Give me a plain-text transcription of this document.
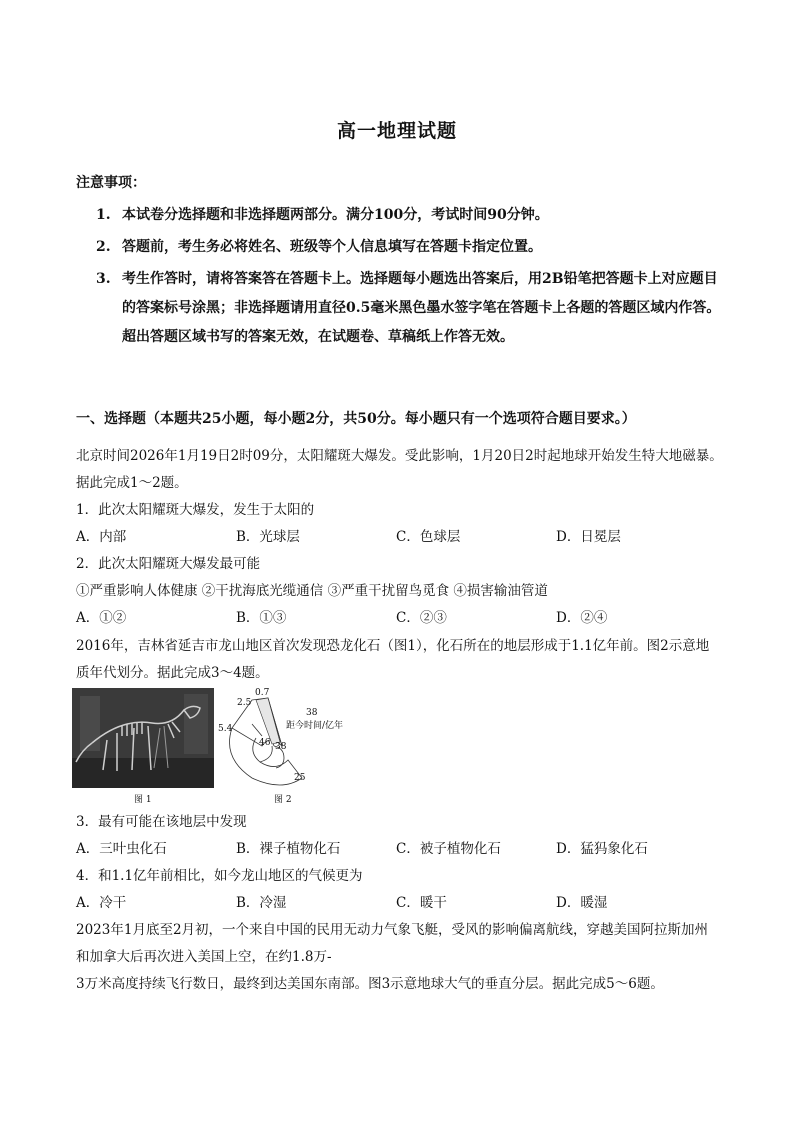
高一地理试题
注意事项：
1. 本试卷分选择题和非选择题两部分。满分100分，考试时间90分钟。
2. 答题前，考生务必将姓名、班级等个人信息填写在答题卡指定位置。
3. 考生作答时，请将答案答在答题卡上。选择题每小题选出答案后，用2B铅笔把答题卡上对应题目的答案标号涂黑；非选择题请用直径0.5毫米黑色墨水签字笔在答题卡上各题的答题区域内作答。超出答题区域书写的答案无效，在试题卷、草稿纸上作答无效。
一、选择题（本题共25小题，每小题2分，共50分。每小题只有一个选项符合题目要求。）
北京时间2026年1月19日2时09分，太阳耀斑大爆发。受此影响，1月20日2时起地球开始发生特大地磁暴。
据此完成1～2题。
1．此次太阳耀斑大爆发，发生于太阳的
A．内部	B．光球层	C．色球层	D．日冕层
2．此次太阳耀斑大爆发最可能
①严重影响人体健康 ②干扰海底光缆通信 ③严重干扰留鸟觅食 ④损害输油管道
A．①②	B．①③	C．②③	D．②④
2016年，吉林省延吉市龙山地区首次发现恐龙化石（图1），化石所在的地层形成于1.1亿年前。图2示意地
质年代划分。据此完成3～4题。
图 1
0.7
2.5
5.4
46 38
25
38
距今时间/亿年
图 2
3．最有可能在该地层中发现
A．三叶虫化石	B．裸子植物化石	C．被子植物化石	D．猛犸象化石
4．和1.1亿年前相比，如今龙山地区的气候更为
A．冷干	B．冷湿	C．暖干	D．暖湿
2023年1月底至2月初，一个来自中国的民用无动力气象飞艇，受风的影响偏离航线，穿越美国阿拉斯加州
和加拿大后再次进入美国上空，在约1.8万-
3万米高度持续飞行数日，最终到达美国东南部。图3示意地球大气的垂直分层。据此完成5～6题。
